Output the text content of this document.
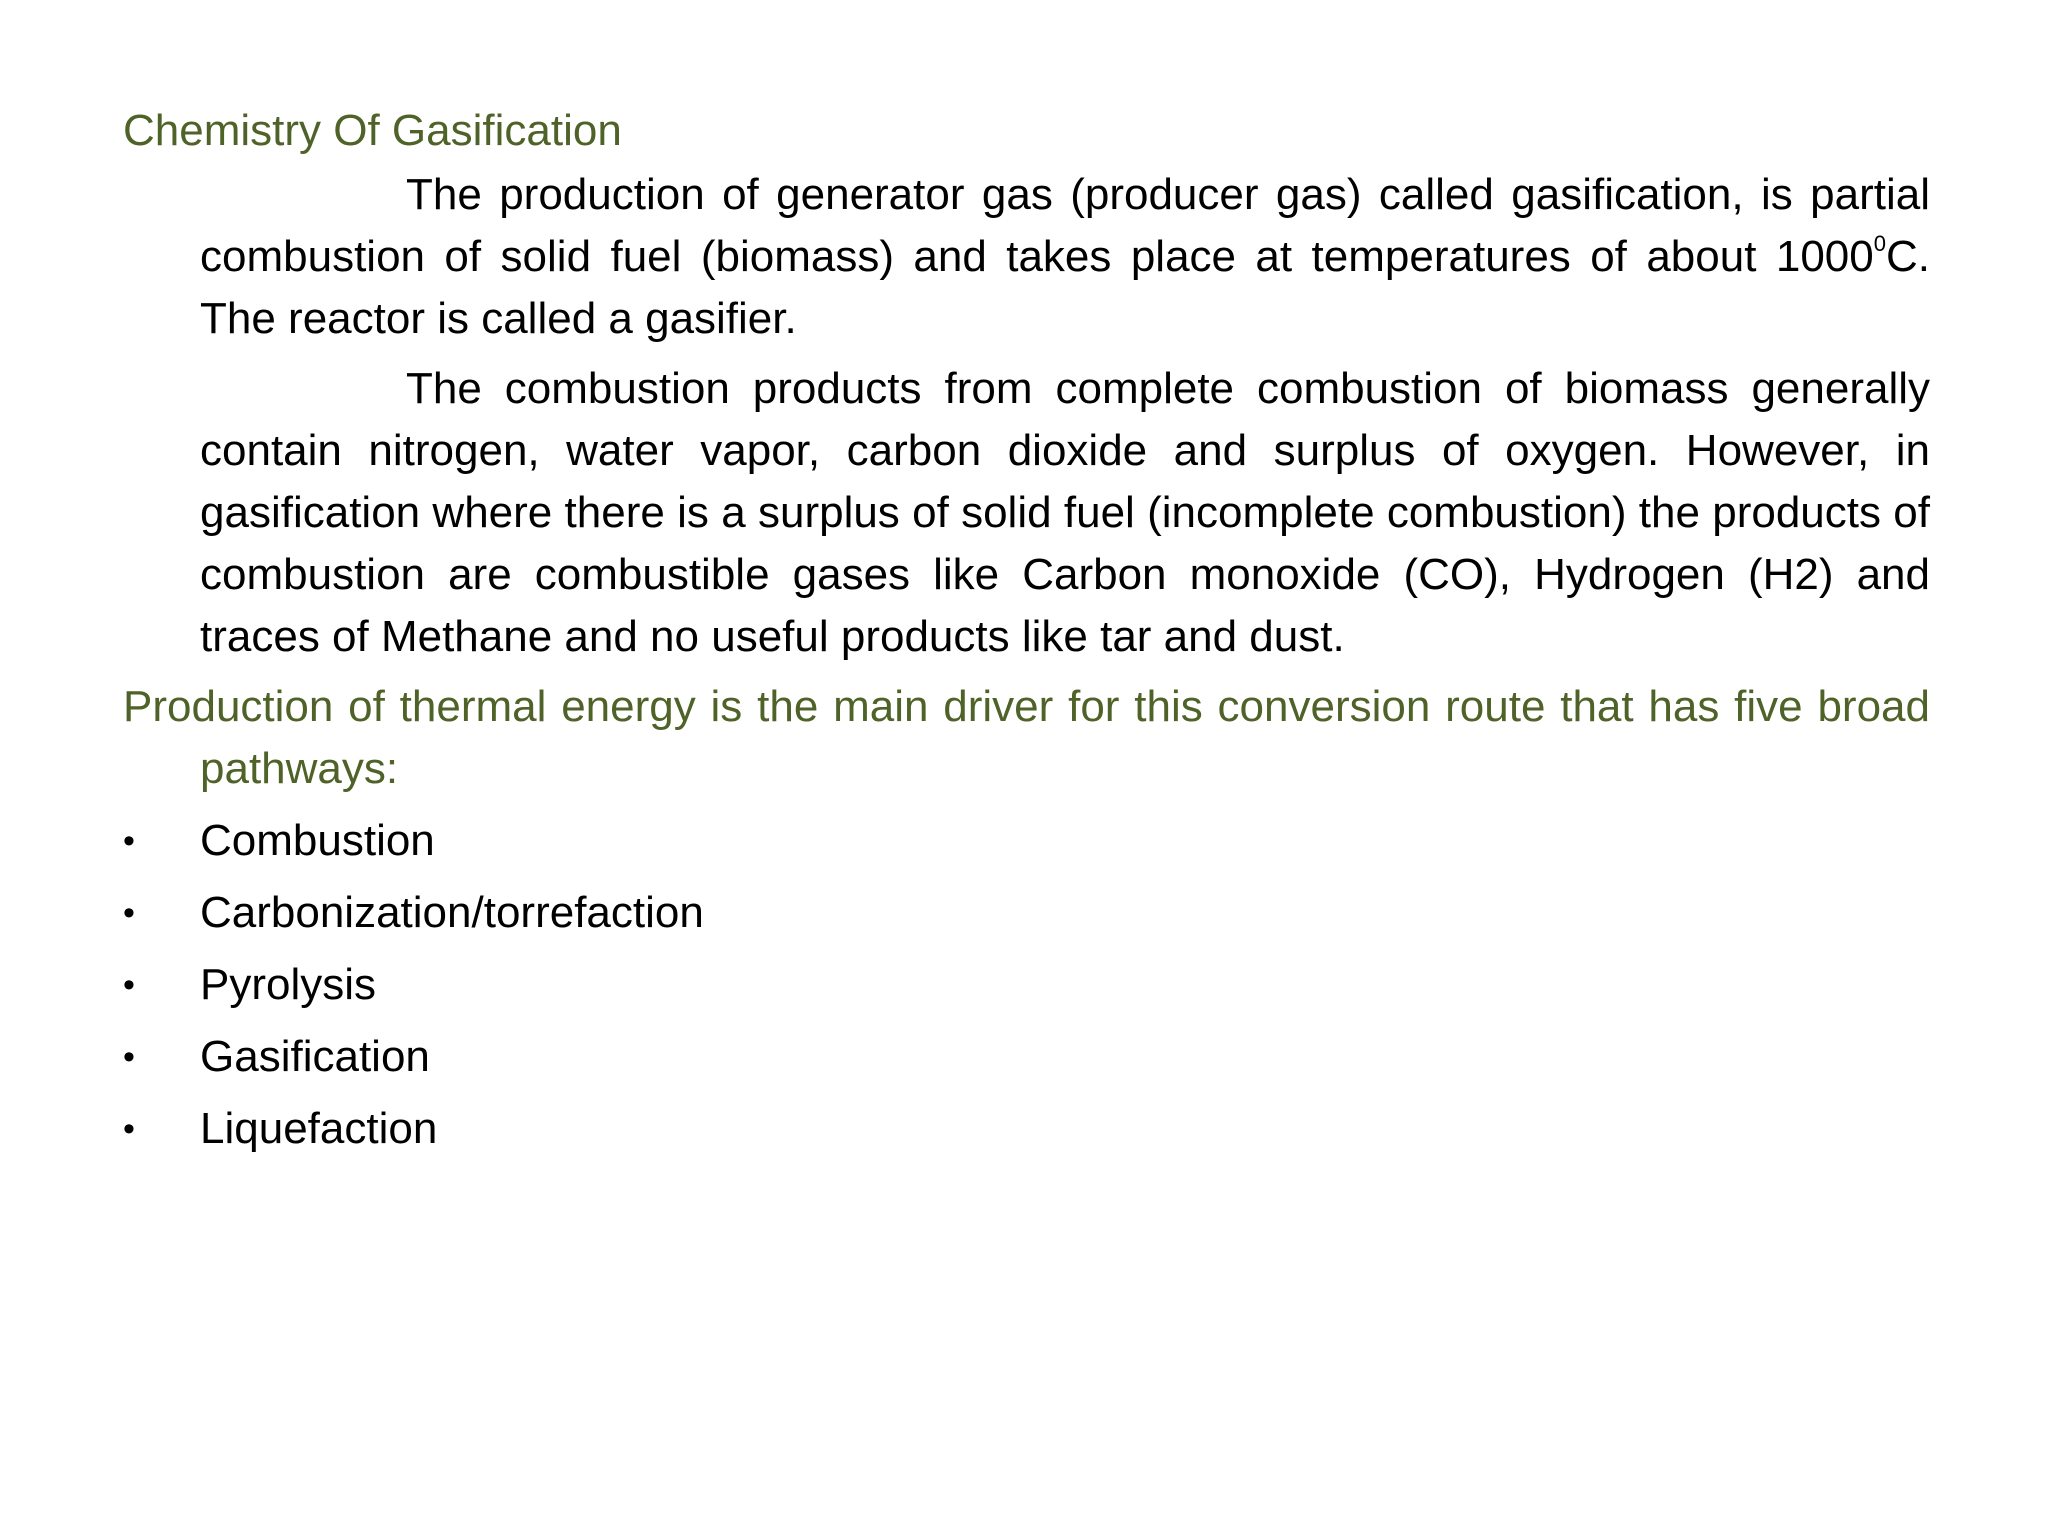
Chemistry Of Gasification

The production of generator gas (producer gas) called gasification, is partial combustion of solid fuel (biomass) and takes place at temperatures of about 1000$^0$C. The reactor is called a gasifier.

The combustion products from complete combustion of biomass generally contain nitrogen, water vapor, carbon dioxide and surplus of oxygen. However, in gasification where there is a surplus of solid fuel (incomplete combustion) the products of combustion are combustible gases like Carbon monoxide (CO), Hydrogen (H2) and traces of Methane and no useful products like tar and dust.

Production of thermal energy is the main driver for this conversion route that has five broad pathways:

• Combustion
• Carbonization/torrefaction
• Pyrolysis
• Gasification
• Liquefaction
